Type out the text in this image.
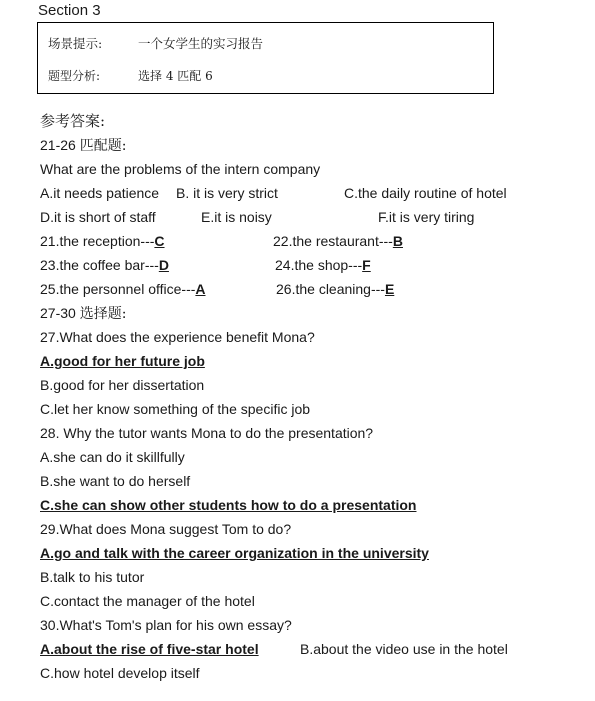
Section 3
场景提示:	一个女学生的实习报告
题型分析:	选择 4 匹配 6
参考答案:
21-26 匹配题:
What are the problems of the intern company
A.it needs patience B. it is very strict	C.the daily routine of hotel
D.it is short of staff	E.it is noisy	F.it is very tiring
21.the reception---C	22.the restaurant---B
23.the coffee bar---D	24.the shop---F
25.the personnel office---A	26.the cleaning---E
27-30 选择题:
27.What does the experience benefit Mona?
A.good for her future job
B.good for her dissertation
C.let her know something of the specific job
28. Why the tutor wants Mona to do the presentation?
A.she can do it skillfully
B.she want to do herself
C.she can show other students how to do a presentation
29.What does Mona suggest Tom to do?
A.go and talk with the career organization in the university
B.talk to his tutor
C.contact the manager of the hotel
30.What's Tom's plan for his own essay?
A.about the rise of five-star hotel	B.about the video use in the hotel
C.how hotel develop itself
